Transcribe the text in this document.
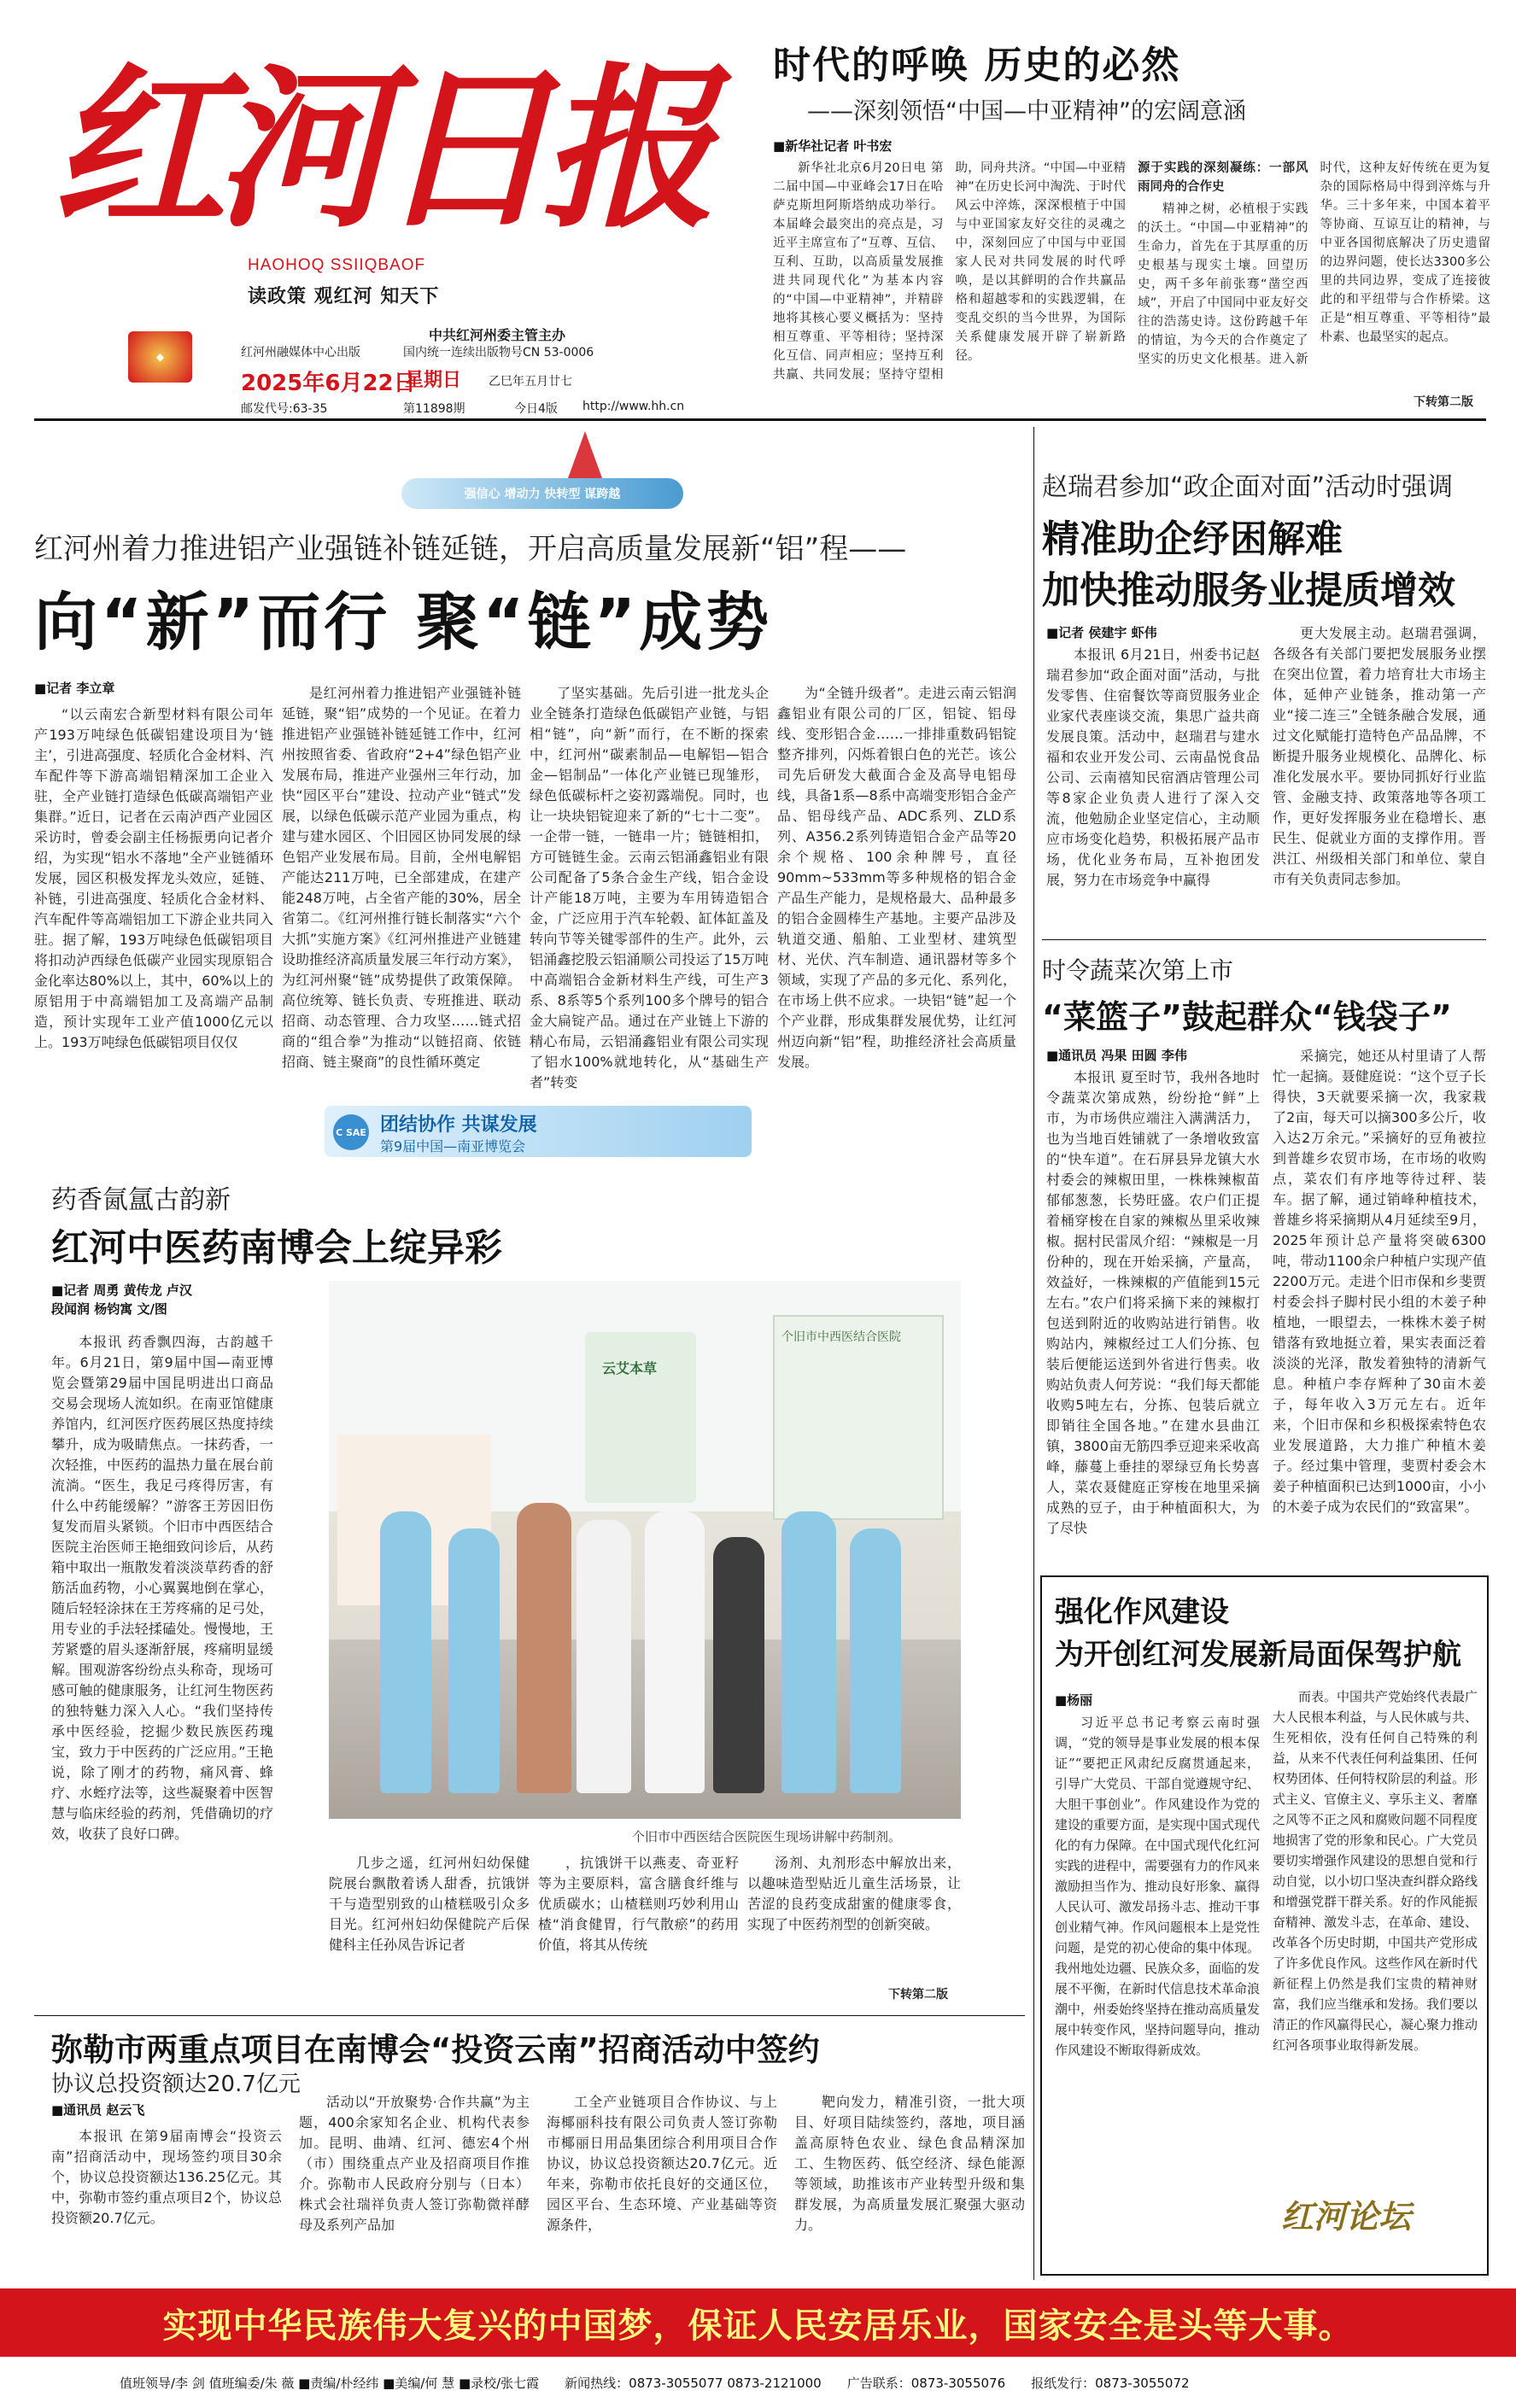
红河日报
HAOHOQ SSIIQBAOF
读政策 观红河 知天下
◆
中共红河州委主管主办
红河州融媒体中心出版	国内统一连续出版物号CN 53-0006
2025年6月22日
星期日 乙巳年五月廿七
邮发代号:63-35	第11898期	今日4版 http://www.hh.cn
时代的呼唤 历史的必然
——深刻领悟“中国—中亚精神”的宏阔意涵
■新华社记者 叶书宏

新华社北京6月20日电 第二届中国—中亚峰会17日在哈萨克斯坦阿斯塔纳成功举行。本届峰会最突出的亮点是，习近平主席宣布了“互尊、互信、互利、互助，以高质量发展推进共同现代化”为基本内容的“中国—中亚精神”，并精辟地将其核心要义概括为：坚持相互尊重、平等相待；坚持深化互信、同声相应；坚持互利共赢、共同发展；坚持守望相助，同舟共济。“中国—中亚精神”在历史长河中淘洗、于时代风云中淬炼，深深根植于中国与中亚国家友好交往的灵魂之中，深刻回应了中国与中亚国家人民对共同发展的时代呼唤，是以其鲜明的合作共赢品格和超越零和的实践逻辑，在变乱交织的当今世界，为国际关系健康发展开辟了崭新路径。

源于实践的深刻凝练：一部风雨同舟的合作史

精神之树，必植根于实践的沃土。“中国—中亚精神”的生命力，首先在于其厚重的历史根基与现实土壤。回望历史，两千多年前张骞“凿空西域”，开启了中国同中亚友好交往的浩荡史诗。这份跨越千年的情谊，为今天的合作奠定了坚实的历史文化根基。进入新时代，这种友好传统在更为复杂的国际格局中得到淬炼与升华。三十多年来，中国本着平等协商、互谅互让的精神，与中亚各国彻底解决了历史遗留的边界问题，使长达3300多公里的共同边界，变成了连接彼此的和平纽带与合作桥梁。这正是“相互尊重、平等相待”最朴素、也最坚实的起点。

下转第二版
强信心 增动力 快转型 谋跨越
红河州着力推进铝产业强链补链延链，开启高质量发展新“铝”程——
向“新”而行 聚“链”成势
■记者 李立章

“以云南宏合新型材料有限公司年产193万吨绿色低碳铝建设项目为‘链主’，引进高强度、轻质化合金材料、汽车配件等下游高端铝精深加工企业入驻，全产业链打造绿色低碳高端铝产业集群。”近日，记者在云南泸西产业园区采访时，曾委会副主任杨振勇向记者介绍，为实现“铝水不落地”全产业链循环发展，园区积极发挥龙头效应，延链、补链，引进高强度、轻质化合金材料、汽车配件等高端铝加工下游企业共同入驻。据了解，193万吨绿色低碳铝项目将扣动泸西绿色低碳产业园实现原铝合金化率达80%以上，其中，60%以上的原铝用于中高端铝加工及高端产品制造，预计实现年工业产值1000亿元以上。193万吨绿色低碳铝项目仅仅

是红河州着力推进铝产业强链补链延链，聚“铝”成势的一个见证。在着力推进铝产业强链补链延链工作中，红河州按照省委、省政府“2+4”绿色铝产业发展布局，推进产业强州三年行动，加快“园区平台”建设、拉动产业“链式”发展，以绿色低碳示范产业园为重点，构建与建水园区、个旧园区协同发展的绿色铝产业发展布局。目前，全州电解铝产能达211万吨，已全部建成，在建产能248万吨，占全省产能的30%，居全省第二。《红河州推行链长制落实“六个大抓”实施方案》《红河州推进产业链建设助推经济高质量发展三年行动方案》，为红河州聚“链”成势提供了政策保障。高位统筹、链长负责、专班推进、联动招商、动态管理、合力攻坚……链式招商的“组合拳”为推动“以链招商、依链招商、链主聚商”的良性循环奠定

了坚实基础。先后引进一批龙头企业全链条打造绿色低碳铝产业链，与铝相“链”，向“新”而行，在不断的探索中，红河州“碳素制品—电解铝—铝合金—铝制品”一体化产业链已现雏形，绿色低碳标杆之姿初露端倪。同时，也让一块块铝锭迎来了新的“七十二变”。一企带一链，一链串一片；链链相扣，方可链链生金。云南云铝涌鑫铝业有限公司配备了5条合金生产线，铝合金设计产能18万吨，主要为车用铸造铝合金，广泛应用于汽车轮毂、缸体缸盖及转向节等关键零部件的生产。此外，云铝涌鑫挖股云铝涌顺公司投运了15万吨中高端铝合金新材料生产线，可生产3系、8系等5个系列100多个牌号的铝合金大扁锭产品。通过在产业链上下游的精心布局，云铝涌鑫铝业有限公司实现了铝水100%就地转化，从“基础生产者”转变

为“全链升级者”。走进云南云铝润鑫铝业有限公司的厂区，铝锭、铝母线、变形铝合金……一排排重数码铝锭整齐排列，闪烁着银白色的光芒。该公司先后研发大截面合金及高导电铝母线，具备1系—8系中高端变形铝合金产品、铝母线产品、ADC系列、ZLD系列、A356.2系列铸造铝合金产品等20余个规格、100余种牌号，直径90mm~533mm等多种规格的铝合金产品生产能力，是规格最大、品种最多的铝合金圆棒生产基地。主要产品涉及轨道交通、船舶、工业型材、建筑型材、光伏、汽车制造、通讯器材等多个领域，实现了产品的多元化、系列化，在市场上供不应求。一块铝“链”起一个个产业群，形成集群发展优势，让红河州迈向新“铝”程，助推经济社会高质量发展。

C SAE 团结协作 共谋发展
第9届中国—南亚博览会
药香氤氲古韵新
红河中医药南博会上绽异彩
■记者 周勇 黄传龙 卢汉
段闻润 杨钧寓 文/图

本报讯 药香飘四海，古韵越千年。6月21日，第9届中国—南亚博览会暨第29届中国昆明进出口商品交易会现场人流如织。在南亚馆健康养馆内，红河医疗医药展区热度持续攀升，成为吸睛焦点。一抹药香，一次轻推，中医药的温热力量在展台前流淌。“医生，我足弓疼得厉害，有什么中药能缓解？”游客王芳因旧伤复发而眉头紧锁。个旧市中西医结合医院主治医师王艳细致问诊后，从药箱中取出一瓶散发着淡淡草药香的舒筋活血药物，小心翼翼地倒在掌心，随后轻轻涂抹在王芳疼痛的足弓处，用专业的手法轻揉磕处。慢慢地，王芳紧蹙的眉头逐渐舒展，疼痛明显缓解。围观游客纷纷点头称奇，现场可感可触的健康服务，让红河生物医药的独特魅力深入人心。“我们坚持传承中医经验，挖掘少数民族医药瑰宝，致力于中医药的广泛应用。”王艳说，除了刚才的药物，痛风膏、蜂疗、水蛭疗法等，这些凝聚着中医智慧与临床经验的药剂，凭借确切的疗效，收获了良好口碑。

个旧市中西医结合医院
云艾本草
个旧市中西医结合医院医生现场讲解中药制剂。

几步之遥，红河州妇幼保健院展台飘散着诱人甜香，抗饿饼干与造型别致的山楂糕吸引众多目光。红河州妇幼保健院产后保健科主任孙凤告诉记者

，抗饿饼干以燕麦、奇亚籽等为主要原料，富含膳食纤维与优质碳水；山楂糕则巧妙利用山楂“消食健胃，行气散瘀”的药用价值，将其从传统

汤剂、丸剂形态中解放出来，以趣味造型贴近儿童生活场景，让苦涩的良药变成甜蜜的健康零食，实现了中医药剂型的创新突破。

下转第二版
弥勒市两重点项目在南博会“投资云南”招商活动中签约
协议总投资额达20.7亿元
■通讯员 赵云飞

本报讯 在第9届南博会“投资云南”招商活动中，现场签约项目30余个，协议总投资额达136.25亿元。其中，弥勒市签约重点项目2个，协议总投资额20.7亿元。

活动以“开放聚势·合作共赢”为主题，400余家知名企业、机构代表参加。昆明、曲靖、红河、德宏4个州（市）围绕重点产业及招商项目作推介。弥勒市人民政府分别与（日本）株式会社瑞祥负责人签订弥勒微祥酵母及系列产品加

工全产业链项目合作协议、与上海椰丽科技有限公司负责人签订弥勒市椰丽日用品集团综合利用项目合作协议，协议总投资额达20.7亿元。近年来，弥勒市依托良好的交通区位，园区平台、生态环境、产业基础等资源条件，

靶向发力，精准引资，一批大项目、好项目陆续签约，落地，项目涵盖高原特色农业、绿色食品精深加工、生物医药、低空经济、绿色能源等领域，助推该市产业转型升级和集群发展，为高质量发展汇聚强大驱动力。

赵瑞君参加“政企面对面”活动时强调
精准助企纾困解难
加快推动服务业提质增效
■记者 侯建宇 虾伟

本报讯 6月21日，州委书记赵瑞君参加“政企面对面”活动，与批发零售、住宿餐饮等商贸服务业企业家代表座谈交流，集思广益共商发展良策。活动中，赵瑞君与建水福和农业开发公司、云南晶悦食品公司、云南禧知民宿酒店管理公司等8家企业负责人进行了深入交流，他勉励企业坚定信心，主动顺应市场变化趋势，积极拓展产品市场，优化业务布局，互补抱团发展，努力在市场竞争中赢得

更大发展主动。赵瑞君强调，各级各有关部门要把发展服务业摆在突出位置，着力培育壮大市场主体，延伸产业链条，推动第一产业“接二连三”全链条融合发展，通过文化赋能打造特色产品品牌，不断提升服务业规模化、品牌化、标准化发展水平。要协同抓好行业监管、金融支持、政策落地等各项工作，更好发挥服务业在稳增长、惠民生、促就业方面的支撑作用。晋洪江、州级相关部门和单位、蒙自市有关负责同志参加。

时令蔬菜次第上市
“菜篮子”鼓起群众“钱袋子”
■通讯员 冯果 田圆 李伟

本报讯 夏至时节，我州各地时令蔬菜次第成熟，纷纷抢“鲜”上市，为市场供应端注入满满活力，也为当地百姓铺就了一条增收致富的“快车道”。在石屏县异龙镇大水村委会的辣椒田里，一株株辣椒苗郁郁葱葱，长势旺盛。农户们正提着桶穿梭在自家的辣椒丛里采收辣椒。据村民雷凤介绍：“辣椒是一月份种的，现在开始采摘，产量高，效益好，一株辣椒的产值能到15元左右。”农户们将采摘下来的辣椒打包送到附近的收购站进行销售。收购站内，辣椒经过工人们分拣、包装后便能运送到外省进行售卖。收购站负责人何芳说：“我们每天都能收购5吨左右，分拣、包装后就立即销往全国各地。”在建水县曲江镇，3800亩无筋四季豆迎来采收高峰，藤蔓上垂挂的翠绿豆角长势喜人，菜农聂健庭正穿梭在地里采摘成熟的豆子，由于种植面积大，为了尽快

采摘完，她还从村里请了人帮忙一起摘。聂健庭说：“这个豆子长得快，3天就要采摘一次，我家栽了2亩，每天可以摘300多公斤，收入达2万余元。”采摘好的豆角被拉到普雄乡农贸市场，在市场的收购点，菜农们有序地等待过秤、装车。据了解，通过销峰种植技术，普雄乡将采摘期从4月延续至9月，2025年预计总产量将突破6300吨，带动1100余户种植户实现产值2200万元。走进个旧市保和乡斐贾村委会抖子脚村民小组的木姜子种植地，一眼望去，一株株木姜子树错落有致地挺立着，果实表面泛着淡淡的光泽，散发着独特的清新气息。种植户李存辉种了30亩木姜子，每年收入3万元左右。近年来，个旧市保和乡积极探索特色农业发展道路，大力推广种植木姜子。经过集中管理，斐贾村委会木姜子种植面积已达到1000亩，小小的木姜子成为农民们的“致富果”。

强化作风建设
为开创红河发展新局面保驾护航
■杨丽

习近平总书记考察云南时强调，“党的领导是事业发展的根本保证”“要把正风肃纪反腐贯通起来，引导广大党员、干部自觉遵规守纪、大胆干事创业”。作风建设作为党的建设的重要方面，是实现中国式现代化的有力保障。在中国式现代化红河实践的进程中，需要强有力的作风来激励担当作为、推动良好形象、赢得人民认可、激发昂扬斗志、推动干事创业精气神。作风问题根本上是党性问题，是党的初心使命的集中体现。我州地处边疆、民族众多，面临的发展不平衡，在新时代信息技术革命浪潮中，州委始终坚持在推动高质量发展中转变作风，坚持问题导向，推动作风建设不断取得新成效。

而表。中国共产党始终代表最广大人民根本利益，与人民休戚与共、生死相依，没有任何自己特殊的利益，从来不代表任何利益集团、任何权势团体、任何特权阶层的利益。形式主义、官僚主义、享乐主义、奢靡之风等不正之风和腐败问题不同程度地损害了党的形象和民心。广大党员要切实增强作风建设的思想自觉和行动自觉，以小切口坚决查纠群众路线和增强党群干群关系。好的作风能振奋精神、激发斗志，在革命、建设、改革各个历史时期，中国共产党形成了许多优良作风。这些作风在新时代新征程上仍然是我们宝贵的精神财富，我们应当继承和发扬。我们要以清正的作风赢得民心，凝心聚力推动红河各项事业取得新发展。

红河论坛
实现中华民族伟大复兴的中国梦，保证人民安居乐业，国家安全是头等大事。
值班领导/李 剑 值班编委/朱 薇 ■责编/朴经纬 ■美编/何 慧 ■录校/张七霞 新闻热线：0873-3055077 0873-2121000 广告联系：0873-3055076 报纸发行：0873-3055072
